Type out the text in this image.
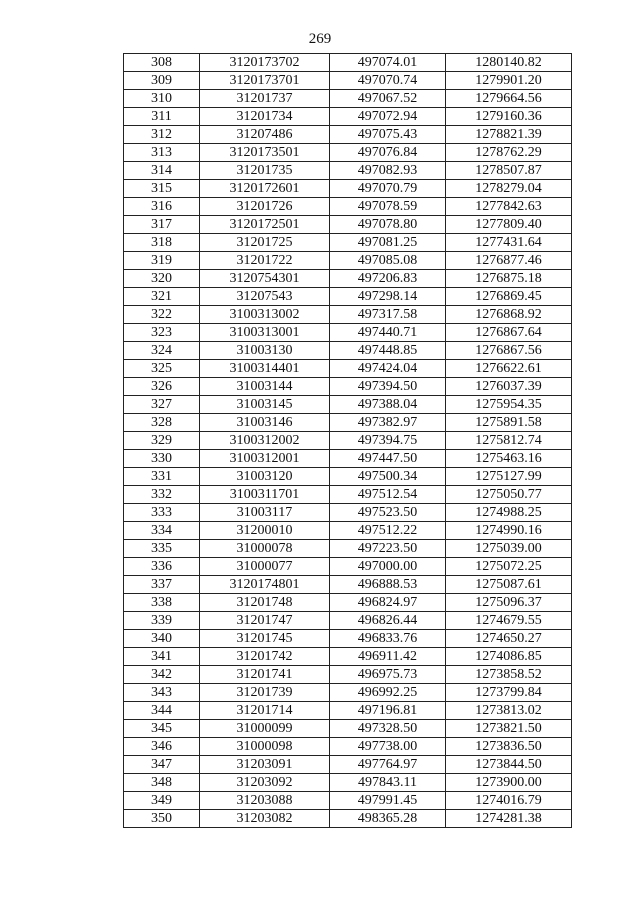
269
308	3120173702	497074.01	1280140.82
309	3120173701	497070.74	1279901.20
310	31201737	497067.52	1279664.56
311	31201734	497072.94	1279160.36
312	31207486	497075.43	1278821.39
313	3120173501	497076.84	1278762.29
314	31201735	497082.93	1278507.87
315	3120172601	497070.79	1278279.04
316	31201726	497078.59	1277842.63
317	3120172501	497078.80	1277809.40
318	31201725	497081.25	1277431.64
319	31201722	497085.08	1276877.46
320	3120754301	497206.83	1276875.18
321	31207543	497298.14	1276869.45
322	3100313002	497317.58	1276868.92
323	3100313001	497440.71	1276867.64
324	31003130	497448.85	1276867.56
325	3100314401	497424.04	1276622.61
326	31003144	497394.50	1276037.39
327	31003145	497388.04	1275954.35
328	31003146	497382.97	1275891.58
329	3100312002	497394.75	1275812.74
330	3100312001	497447.50	1275463.16
331	31003120	497500.34	1275127.99
332	3100311701	497512.54	1275050.77
333	31003117	497523.50	1274988.25
334	31200010	497512.22	1274990.16
335	31000078	497223.50	1275039.00
336	31000077	497000.00	1275072.25
337	3120174801	496888.53	1275087.61
338	31201748	496824.97	1275096.37
339	31201747	496826.44	1274679.55
340	31201745	496833.76	1274650.27
341	31201742	496911.42	1274086.85
342	31201741	496975.73	1273858.52
343	31201739	496992.25	1273799.84
344	31201714	497196.81	1273813.02
345	31000099	497328.50	1273821.50
346	31000098	497738.00	1273836.50
347	31203091	497764.97	1273844.50
348	31203092	497843.11	1273900.00
349	31203088	497991.45	1274016.79
350	31203082	498365.28	1274281.38
